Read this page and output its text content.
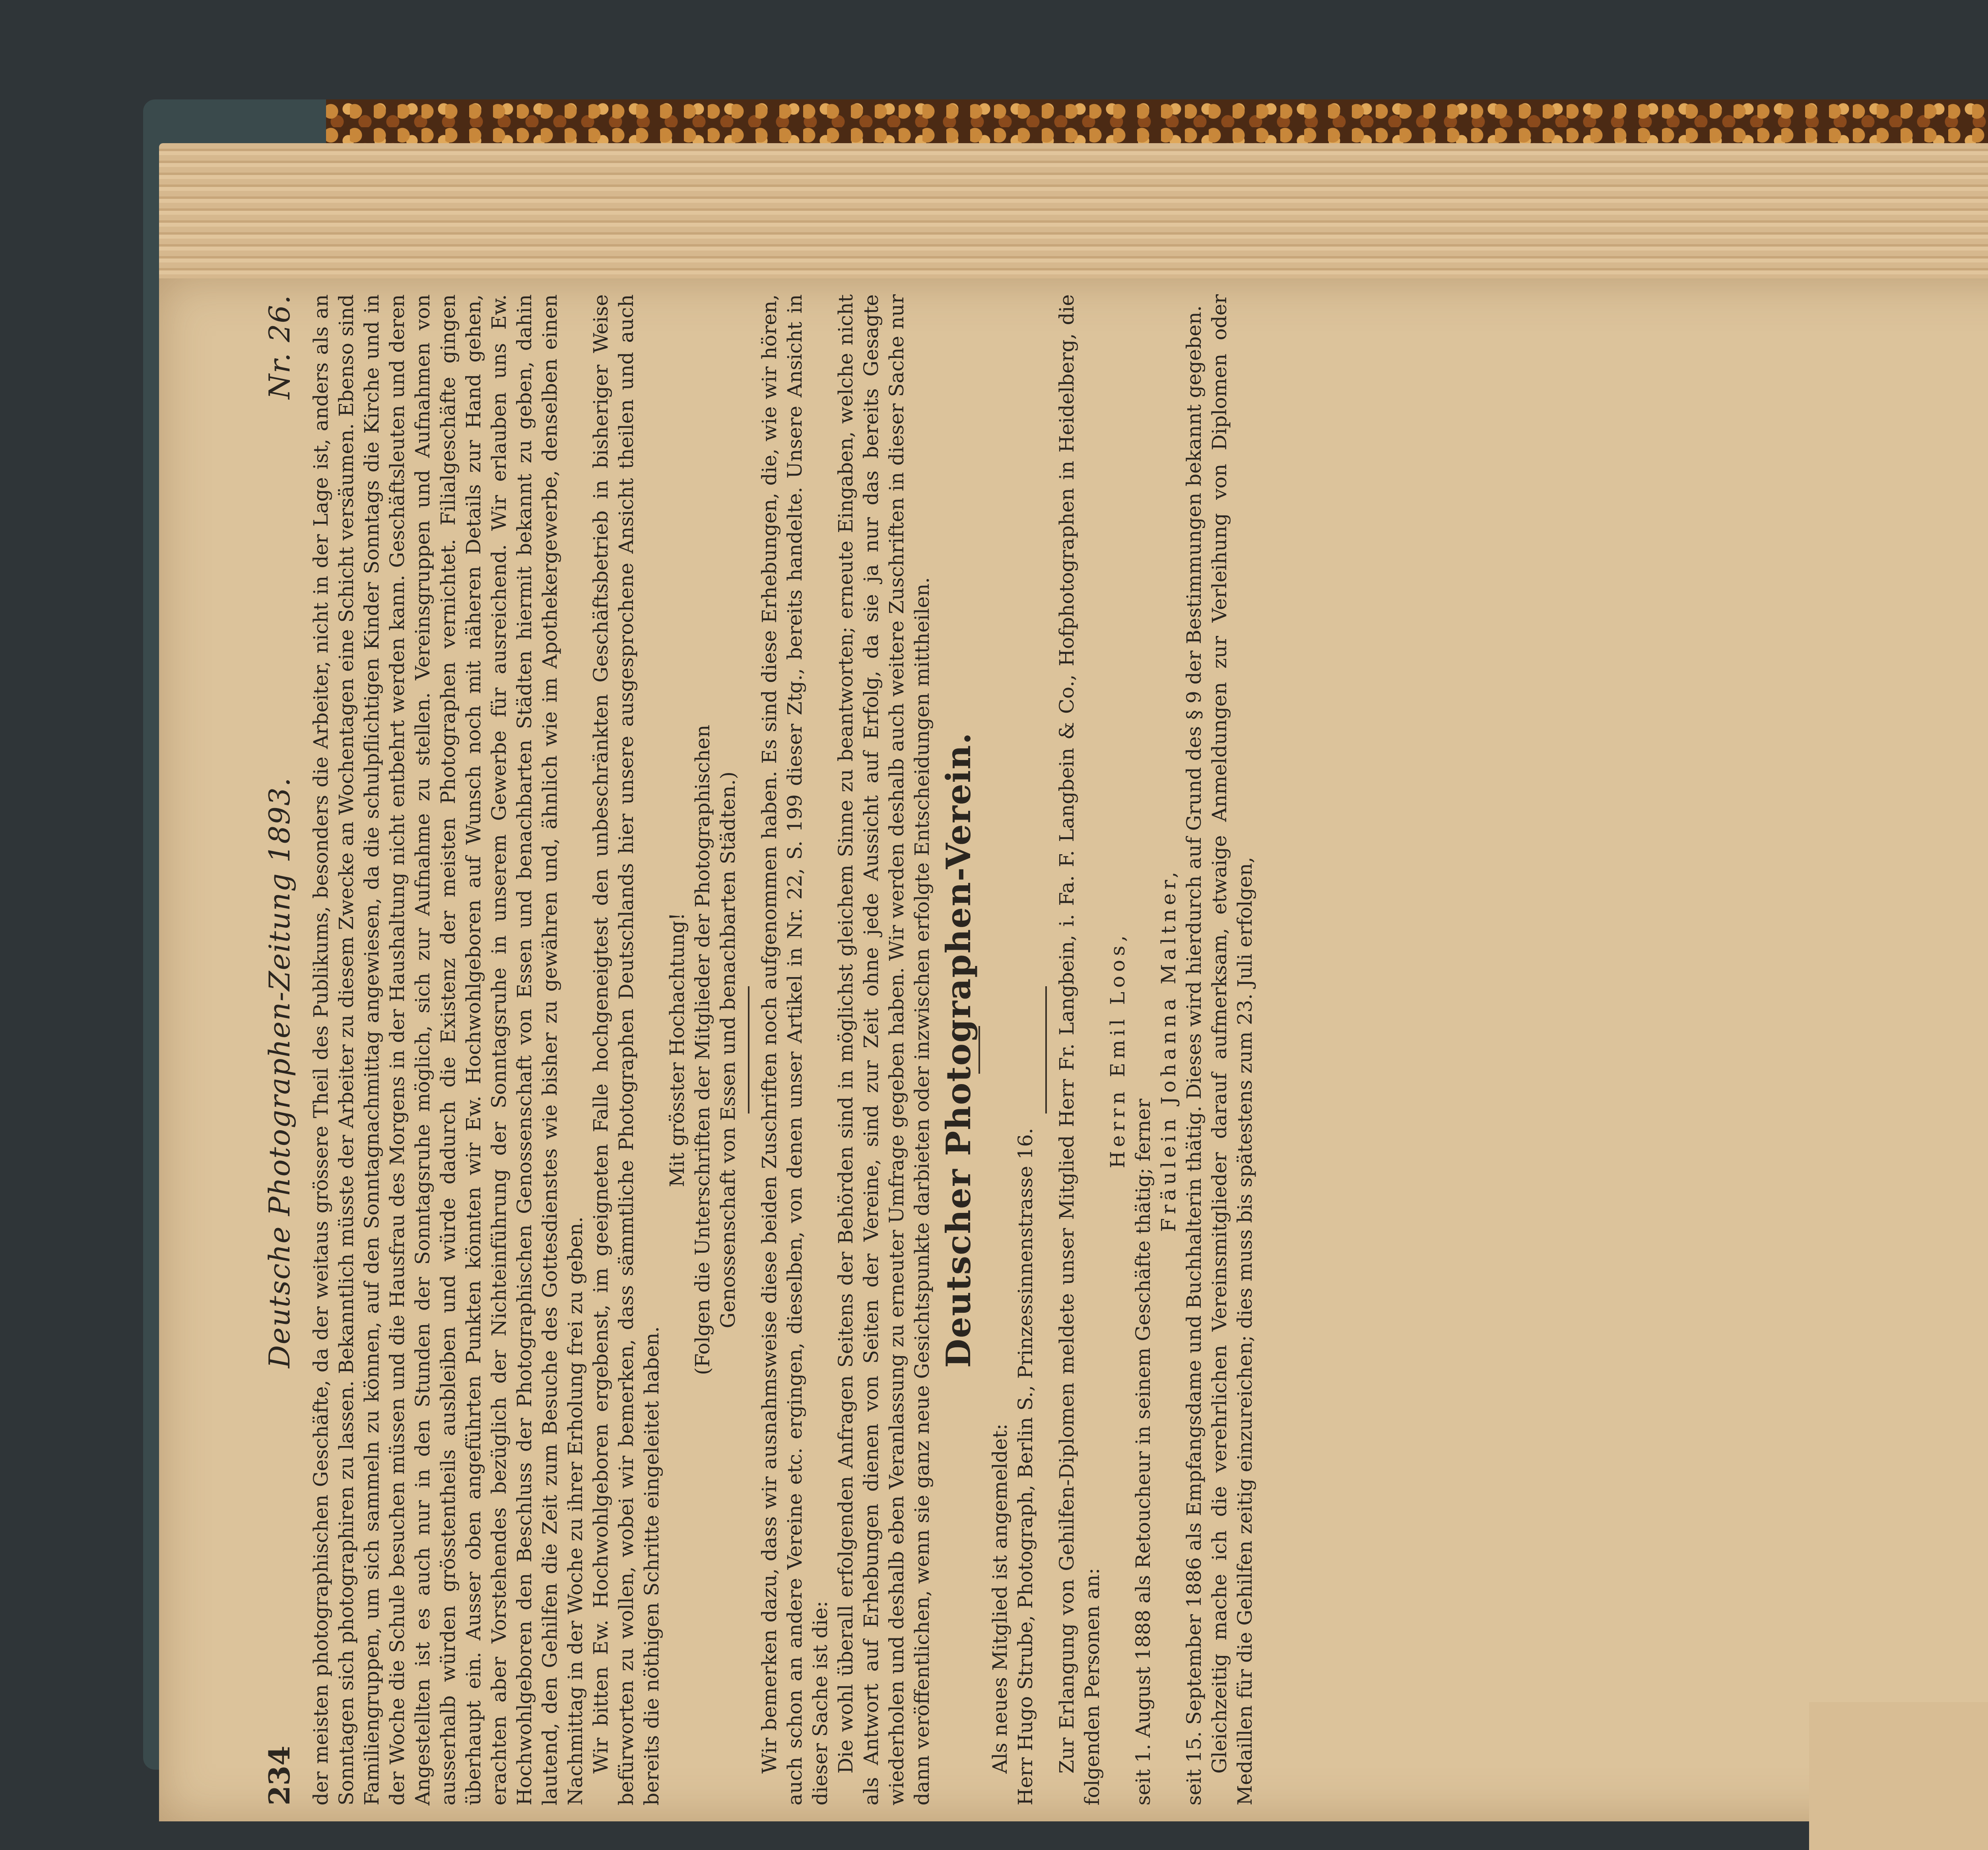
234
Deutsche Photographen-Zeitung 1893.
Nr. 26. der meisten photographischen Geschäfte, da der weitaus grössere Theil des Publikums, besonders die Arbeiter, nicht in der Lage ist, anders als an Sonntagen sich photographiren zu lassen. Bekanntlich müsste der Arbeiter zu diesem Zwecke an Wochentagen eine Schicht versäumen. Ebenso sind Familiengruppen, um sich sammeln zu können, auf den Sonntagnachmittag angewiesen, da die schulpflichtigen Kinder Sonntags die Kirche und in der Woche die Schule besuchen müssen und die Hausfrau des Morgens in der Haushaltung nicht entbehrt werden kann. Geschäftsleuten und deren Angestellten ist es auch nur in den Stunden der Sonntagsruhe möglich, sich zur Aufnahme zu stellen. Vereinsgruppen und Aufnahmen von ausserhalb würden grösstentheils ausbleiben und würde dadurch die Existenz der meisten Photographen vernichtet. Filialgeschäfte gingen überhaupt ein. Ausser oben angeführten Punkten könnten wir Ew. Hochwohlgeboren auf Wunsch noch mit näheren Details zur Hand gehen, erachten aber Vorstehendes bezüglich der Nichteinführung der Sonntagsruhe in unserem Gewerbe für ausreichend. Wir erlauben uns Ew. Hochwohlgeboren den Beschluss der Photographischen Genossenschaft von Essen und benachbarten Städten hiermit bekannt zu geben, dahin lautend, den Gehilfen die Zeit zum Besuche des Gottesdienstes wie bisher zu gewähren und, ähnlich wie im Apothekergewerbe, denselben einen Nachmittag in der Woche zu ihrer Erholung frei zu geben. Wir bitten Ew. Hochwohlgeboren ergebenst, im geeigneten Falle hochgeneigtest den unbeschränkten Geschäftsbetrieb in bisheriger Weise befürworten zu wollen, wobei wir bemerken, dass sämmtliche Photographen Deutschlands hier unsere ausgesprochene Ansicht theilen und auch bereits die nöthigen Schritte eingeleitet haben.

Mit grösster Hochachtung! (Folgen die Unterschriften der Mitglieder der Photographischen Genossenschaft von Essen und benachbarten Städten.) Wir bemerken dazu, dass wir ausnahmsweise diese beiden Zuschriften noch aufgenommen haben. Es sind diese Erhebungen, die, wie wir hören, auch schon an andere Vereine etc. ergingen, dieselben, von denen unser Artikel in Nr. 22, S. 199 dieser Ztg., bereits handelte. Unsere Ansicht in dieser Sache ist die: Die wohl überall erfolgenden Anfragen Seitens der Behörden sind in möglichst gleichem Sinne zu beantworten; erneute Eingaben, welche nicht als Antwort auf Erhebungen dienen von Seiten der Vereine, sind zur Zeit ohne jede Aussicht auf Erfolg, da sie ja nur das bereits Gesagte wiederholen und deshalb eben Veranlassung zu erneuter Umfrage gegeben haben. Wir werden deshalb auch weitere Zuschriften in dieser Sache nur dann veröffentlichen, wenn sie ganz neue Gesichtspunkte darbieten oder inzwischen erfolgte Entscheidungen mittheilen. Deutscher Photographen-Verein.

Als neues Mitglied ist angemeldet: Herr Hugo Strube, Photograph, Berlin S., Prinzessinnenstrasse 16. Zur Erlangung von Gehilfen-Diplomen meldete unser Mitglied Herr Fr. Langbein, i. Fa. F. Langbein & Co., Hofphotographen in Heidelberg, die folgenden Personen an:

Herrn Emil Loos,

seit 1. August 1888 als Retoucheur in seinem Geschäfte thätig; ferner

Fräulein Johanna Maltner, seit 15. September 1886 als Empfangsdame und Buchhalterin thätig. Dieses wird hierdurch auf Grund des § 9 der Bestimmungen bekannt gegeben. Gleichzeitig mache ich die verehrlichen Vereinsmitglieder darauf aufmerksam, etwaige Anmeldungen zur Verleihung von Diplomen oder Medaillen für die Gehilfen zeitig einzureichen; dies muss bis spätestens zum 23. Juli erfolgen,
